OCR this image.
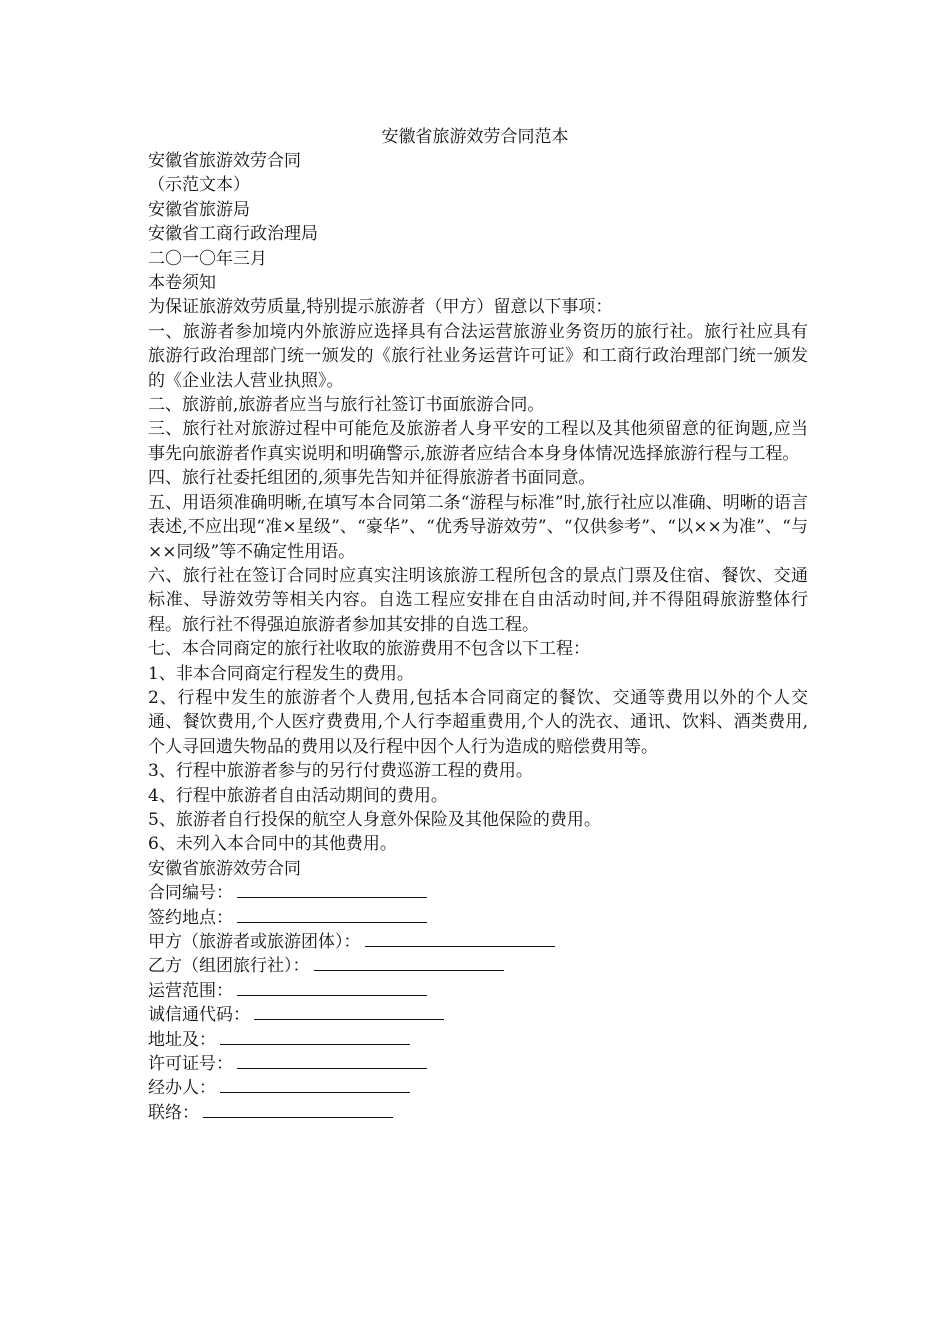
安徽省旅游效劳合同范本

安徽省旅游效劳合同

（示范文本）

安徽省旅游局

安徽省工商行政治理局

二〇一〇年三月

本卷须知

为保证旅游效劳质量,特别提示旅游者（甲方）留意以下事项：

一、旅游者参加境内外旅游应选择具有合法运营旅游业务资历的旅行社。旅行社应具有旅游行政治理部门统一颁发的《旅行社业务运营许可证》和工商行政治理部门统一颁发的《企业法人营业执照》。

二、旅游前,旅游者应当与旅行社签订书面旅游合同。

三、旅行社对旅游过程中可能危及旅游者人身平安的工程以及其他须留意的征询题,应当事先向旅游者作真实说明和明确警示,旅游者应结合本身身体情况选择旅游行程与工程。

四、旅行社委托组团的,须事先告知并征得旅游者书面同意。

五、用语须准确明晰,在填写本合同第二条“游程与标准”时,旅行社应以准确、明晰的语言表述,不应出现“准×星级”、“豪华”、“优秀导游效劳”、“仅供参考”、“以××为准”、“与××同级”等不确定性用语。

六、旅行社在签订合同时应真实注明该旅游工程所包含的景点门票及住宿、餐饮、交通标准、导游效劳等相关内容。自选工程应安排在自由活动时间,并不得阻碍旅游整体行程。旅行社不得强迫旅游者参加其安排的自选工程。

七、本合同商定的旅行社收取的旅游费用不包含以下工程：

1、非本合同商定行程发生的费用。

2、行程中发生的旅游者个人费用,包括本合同商定的餐饮、交通等费用以外的个人交通、餐饮费用,个人医疗费费用,个人行李超重费用,个人的洗衣、通讯、饮料、酒类费用,个人寻回遗失物品的费用以及行程中因个人行为造成的赔偿费用等。

3、行程中旅游者参与的另行付费巡游工程的费用。

4、行程中旅游者自由活动期间的费用。

5、旅游者自行投保的航空人身意外保险及其他保险的费用。

6、未列入本合同中的其他费用。

安徽省旅游效劳合同

合同编号：

签约地点：

甲方（旅游者或旅游团体）：

乙方（组团旅行社）：

运营范围：

诚信通代码：

地址及：

许可证号：

经办人：

联络：
